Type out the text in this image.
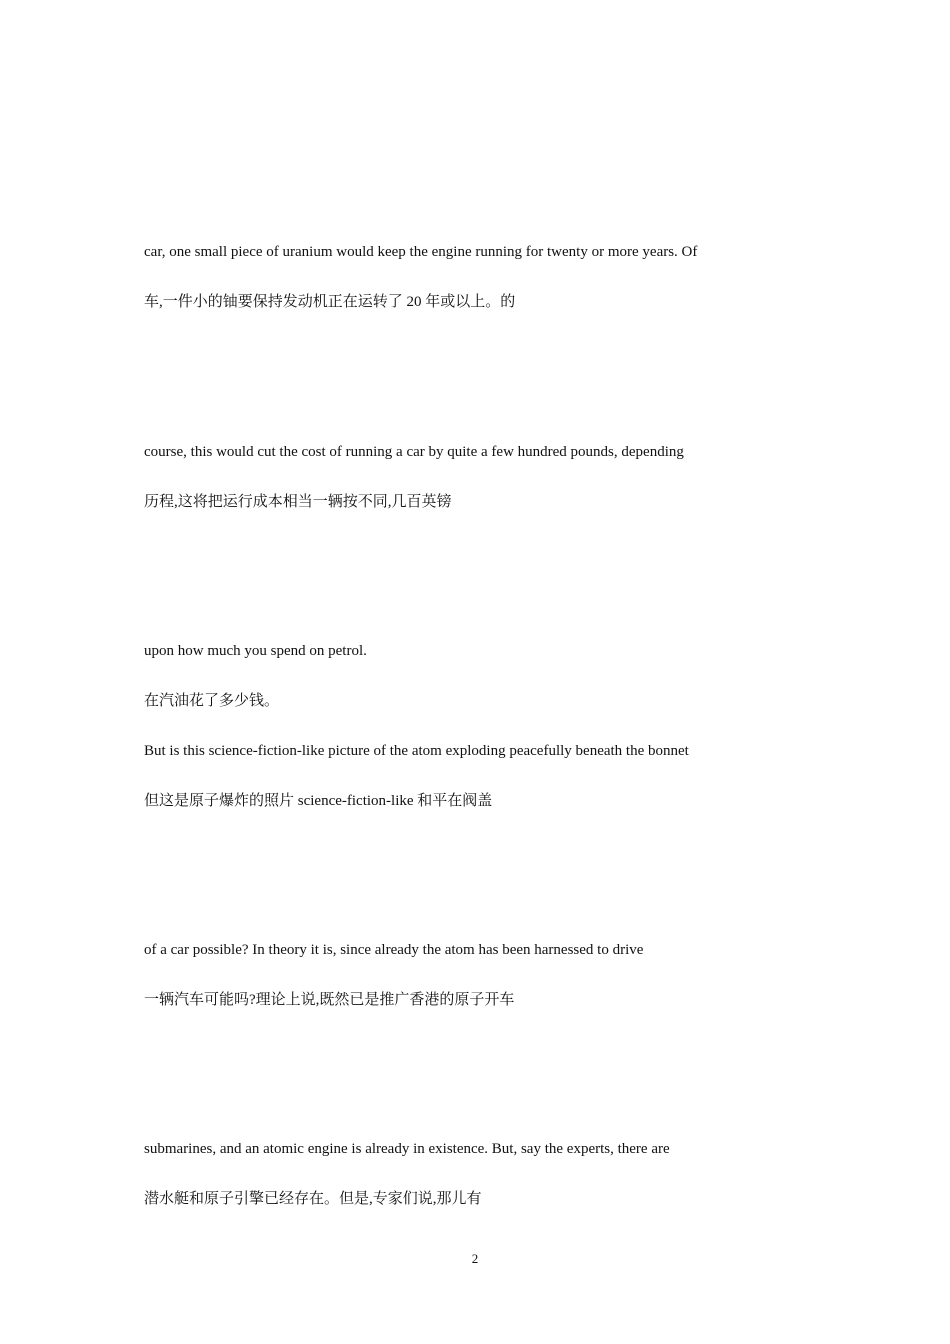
car, one small piece of uranium would keep the engine running for twenty or more years. Of
车,一件小的铀要保持发动机正在运转了 20 年或以上。的
course, this would cut the cost of running a car by quite a few hundred pounds, depending
历程,这将把运行成本相当一辆按不同,几百英镑
upon how much you spend on petrol.
在汽油花了多少钱。
But is this science-fiction-like picture of the atom exploding peacefully beneath the bonnet
但这是原子爆炸的照片 science-fiction-like 和平在阀盖
of a car possible? In theory it is, since already the atom has been harnessed to drive
一辆汽车可能吗?理论上说,既然已是推广香港的原子开车
submarines, and an atomic engine is already in existence. But, say the experts, there are
潜水艇和原子引擎已经存在。但是,专家们说,那儿有
2
